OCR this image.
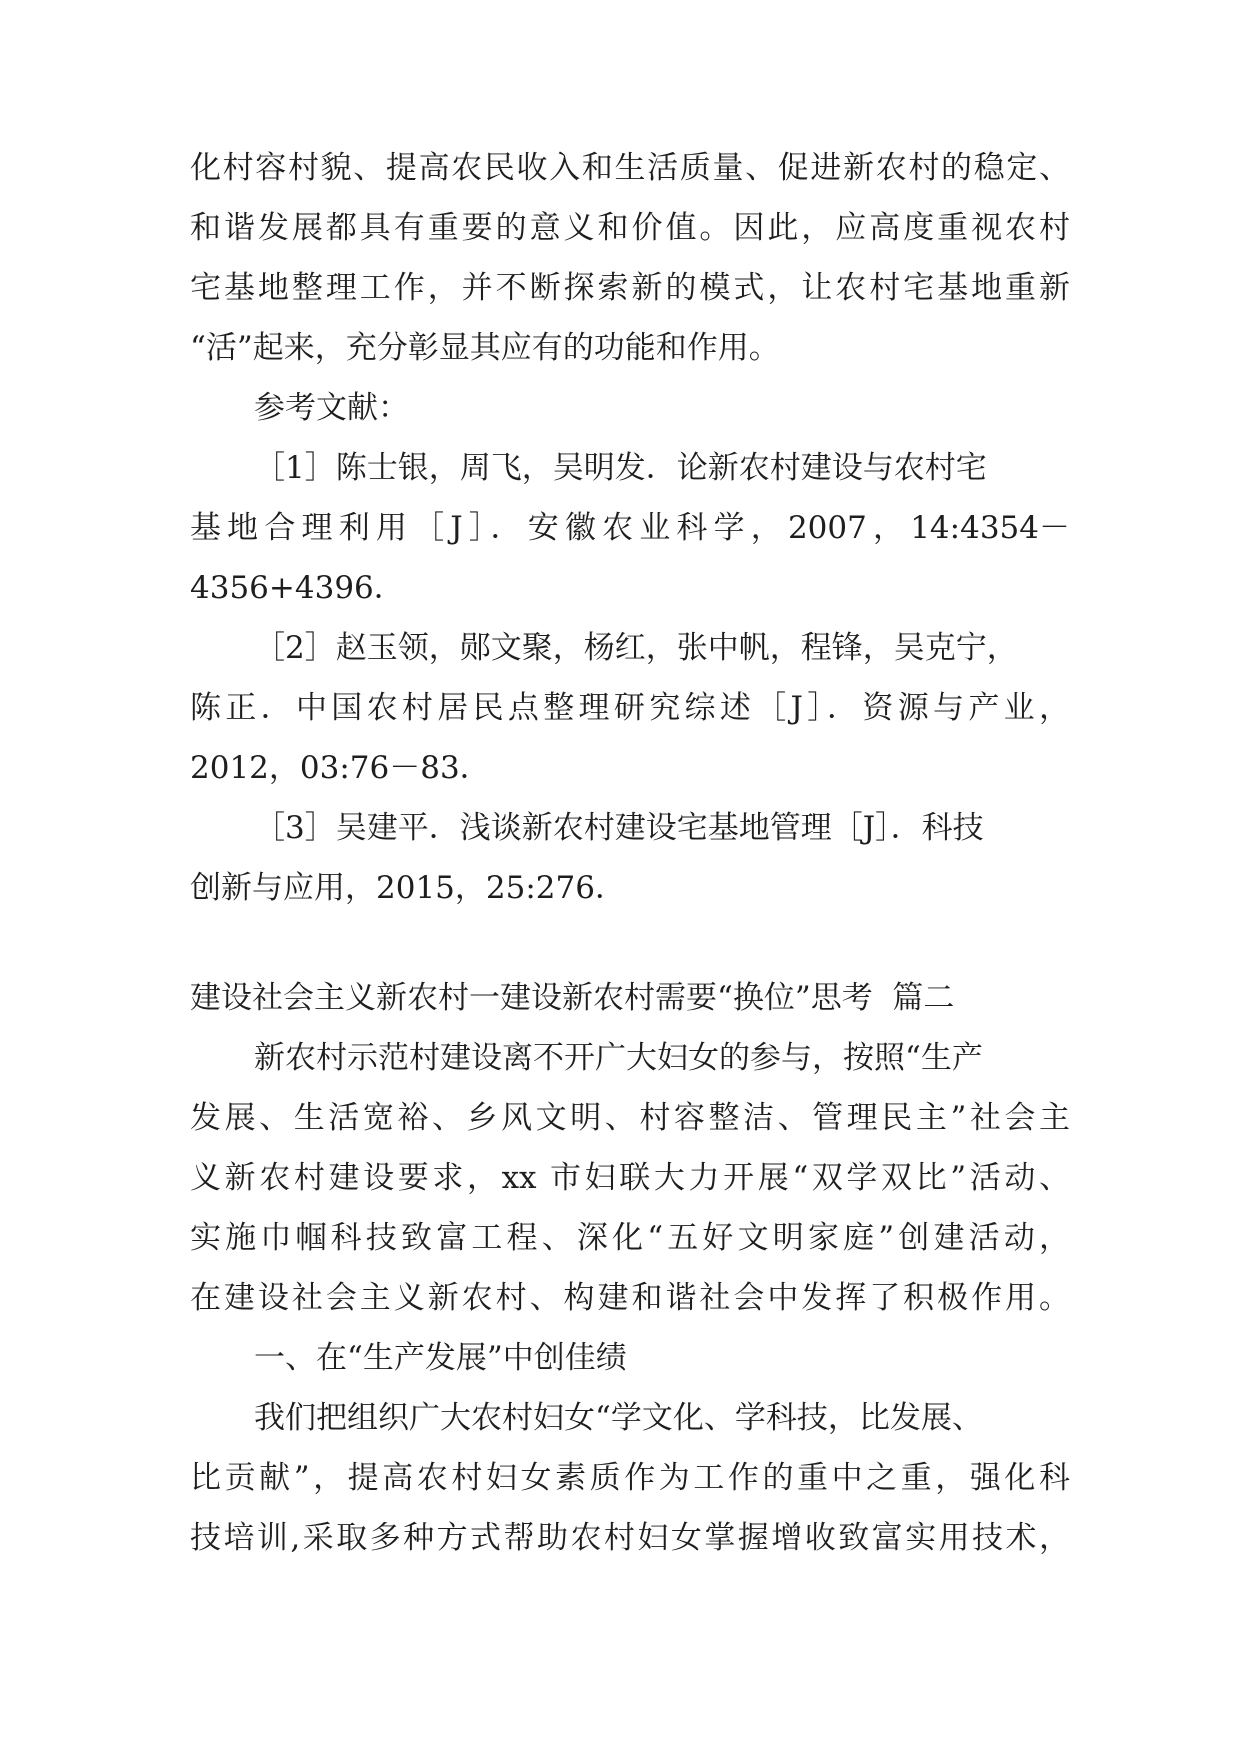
化村容村貌、提高农民收入和生活质量、促进新农村的稳定、
和谐发展都具有重要的意义和价值。因此，应高度重视农村
宅基地整理工作，并不断探索新的模式，让农村宅基地重新
“活”起来，充分彰显其应有的功能和作用。
参考文献：
［1］陈士银，周飞，吴明发．论新农村建设与农村宅
基地合理利用［J］．安徽农业科学，2007，14:4354－
4356+4396．
［2］赵玉领，郧文聚，杨红，张中帆，程锋，吴克宁，
陈正．中国农村居民点整理研究综述［J］．资源与产业，
2012，03:76－83．
［3］吴建平．浅谈新农村建设宅基地管理［J］．科技
创新与应用，2015，25:276．
建设社会主义新农村一建设新农村需要“换位”思考  篇二
新农村示范村建设离不开广大妇女的参与，按照“生产
发展、生活宽裕、乡风文明、村容整洁、管理民主”社会主
义新农村建设要求，xx 市妇联大力开展“双学双比”活动、
实施巾帼科技致富工程、深化“五好文明家庭”创建活动，
在建设社会主义新农村、构建和谐社会中发挥了积极作用。
一、在“生产发展”中创佳绩
我们把组织广大农村妇女“学文化、学科技，比发展、
比贡献”，提高农村妇女素质作为工作的重中之重，强化科
技培训,采取多种方式帮助农村妇女掌握增收致富实用技术，
